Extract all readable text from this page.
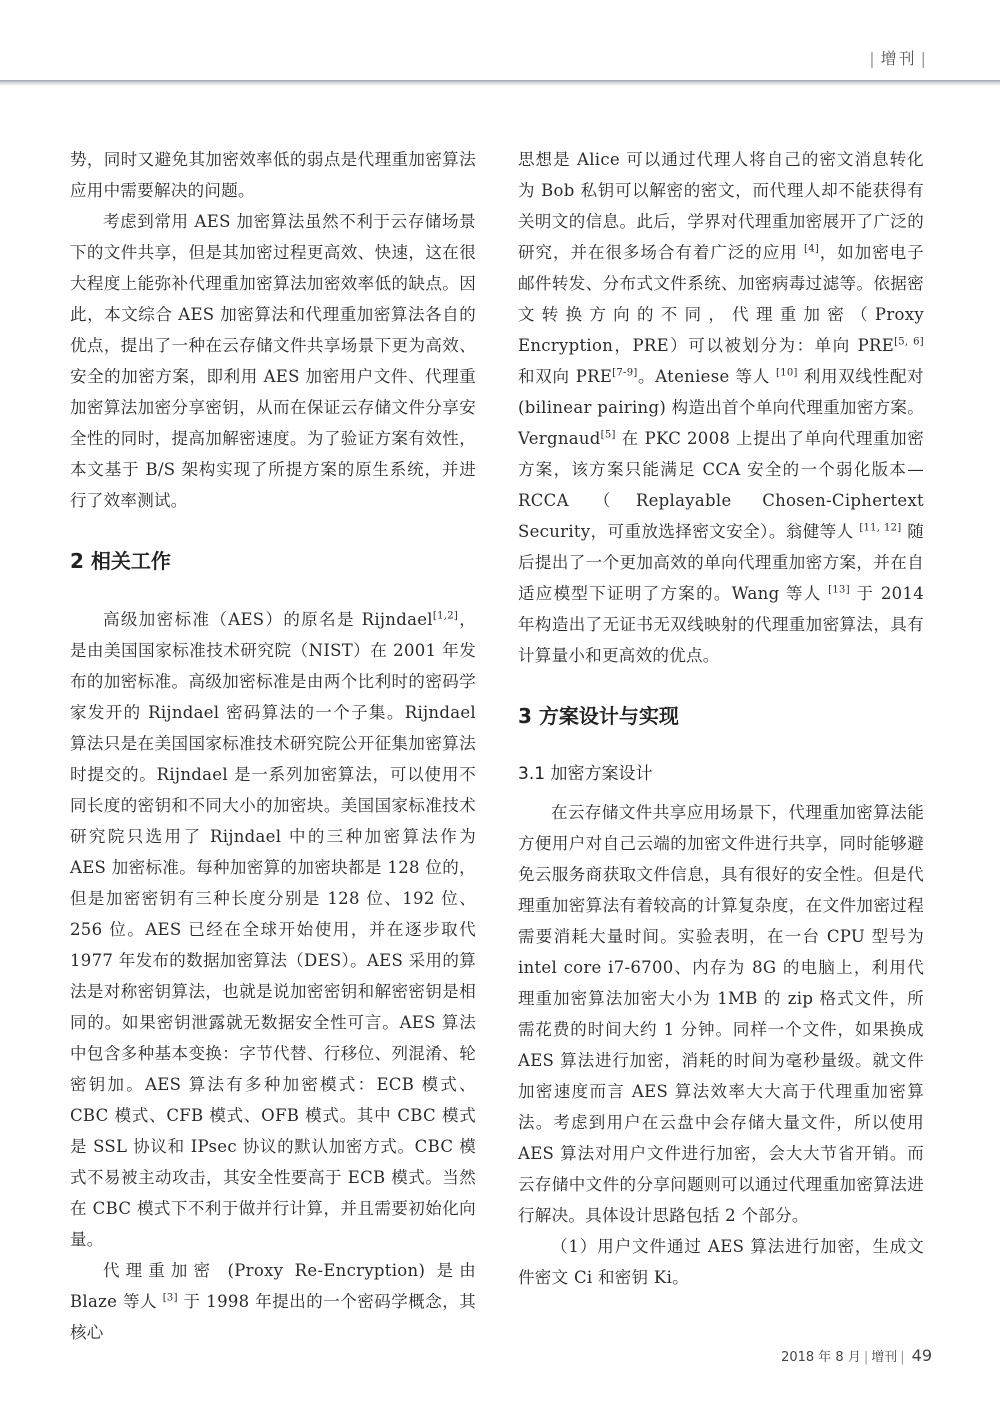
| 增刊 |

势，同时又避免其加密效率低的弱点是代理重加密算法应用中需要解决的问题。

考虑到常用 AES 加密算法虽然不利于云存储场景下的文件共享，但是其加密过程更高效、快速，这在很大程度上能弥补代理重加密算法加密效率低的缺点。因此，本文综合 AES 加密算法和代理重加密算法各自的优点，提出了一种在云存储文件共享场景下更为高效、安全的加密方案，即利用 AES 加密用户文件、代理重加密算法加密分享密钥，从而在保证云存储文件分享安全性的同时，提高加解密速度。为了验证方案有效性，本文基于 B/S 架构实现了所提方案的原生系统，并进行了效率测试。

2 相关工作

高级加密标准（AES）的原名是 Rijndael[1,2]，是由美国国家标准技术研究院（NIST）在 2001 年发布的加密标准。高级加密标准是由两个比利时的密码学家发开的 Rijndael 密码算法的一个子集。Rijndael 算法只是在美国国家标准技术研究院公开征集加密算法时提交的。Rijndael 是一系列加密算法，可以使用不同长度的密钥和不同大小的加密块。美国国家标准技术研究院只选用了 Rijndael 中的三种加密算法作为 AES 加密标准。每种加密算的加密块都是 128 位的，但是加密密钥有三种长度分别是 128 位、192 位、256 位。AES 已经在全球开始使用，并在逐步取代 1977 年发布的数据加密算法（DES）。AES 采用的算法是对称密钥算法，也就是说加密密钥和解密密钥是相同的。如果密钥泄露就无数据安全性可言。AES 算法中包含多种基本变换：字节代替、行移位、列混淆、轮密钥加。AES 算法有多种加密模式：ECB 模式、CBC 模式、CFB 模式、OFB 模式。其中 CBC 模式是 SSL 协议和 IPsec 协议的默认加密方式。CBC 模式不易被主动攻击，其安全性要高于 ECB 模式。当然在 CBC 模式下不利于做并行计算，并且需要初始化向量。

代理重加密 (Proxy Re-Encryption) 是由 Blaze 等人 [3] 于 1998 年提出的一个密码学概念，其核心

思想是 Alice 可以通过代理人将自己的密文消息转化为 Bob 私钥可以解密的密文，而代理人却不能获得有关明文的信息。此后，学界对代理重加密展开了广泛的研究，并在很多场合有着广泛的应用 [4]，如加密电子邮件转发、分布式文件系统、加密病毒过滤等。依据密文转换方向的不同，代理重加密（Proxy Encryption，PRE）可以被划分为：单向 PRE[5, 6] 和双向 PRE[7-9]。Ateniese 等人 [10] 利用双线性配对 (bilinear pairing) 构造出首个单向代理重加密方案。Vergnaud[5] 在 PKC 2008 上提出了单向代理重加密方案，该方案只能满足 CCA 安全的一个弱化版本—RCCA（Replayable Chosen-Ciphertext Security，可重放选择密文安全）。翁健等人 [11, 12] 随后提出了一个更加高效的单向代理重加密方案，并在自适应模型下证明了方案的。Wang 等人 [13] 于 2014 年构造出了无证书无双线映射的代理重加密算法，具有计算量小和更高效的优点。

3 方案设计与实现
3.1 加密方案设计

在云存储文件共享应用场景下，代理重加密算法能方便用户对自己云端的加密文件进行共享，同时能够避免云服务商获取文件信息，具有很好的安全性。但是代理重加密算法有着较高的计算复杂度，在文件加密过程需要消耗大量时间。实验表明，在一台 CPU 型号为 intel core i7-6700、内存为 8G 的电脑上，利用代理重加密算法加密大小为 1MB 的 zip 格式文件，所需花费的时间大约 1 分钟。同样一个文件，如果换成 AES 算法进行加密，消耗的时间为毫秒量级。就文件加密速度而言 AES 算法效率大大高于代理重加密算法。考虑到用户在云盘中会存储大量文件，所以使用 AES 算法对用户文件进行加密，会大大节省开销。而云存储中文件的分享问题则可以通过代理重加密算法进行解决。具体设计思路包括 2 个部分。

（1）用户文件通过 AES 算法进行加密，生成文件密文 Ci 和密钥 Ki。

2018 年 8 月 | 增刊 | 49
